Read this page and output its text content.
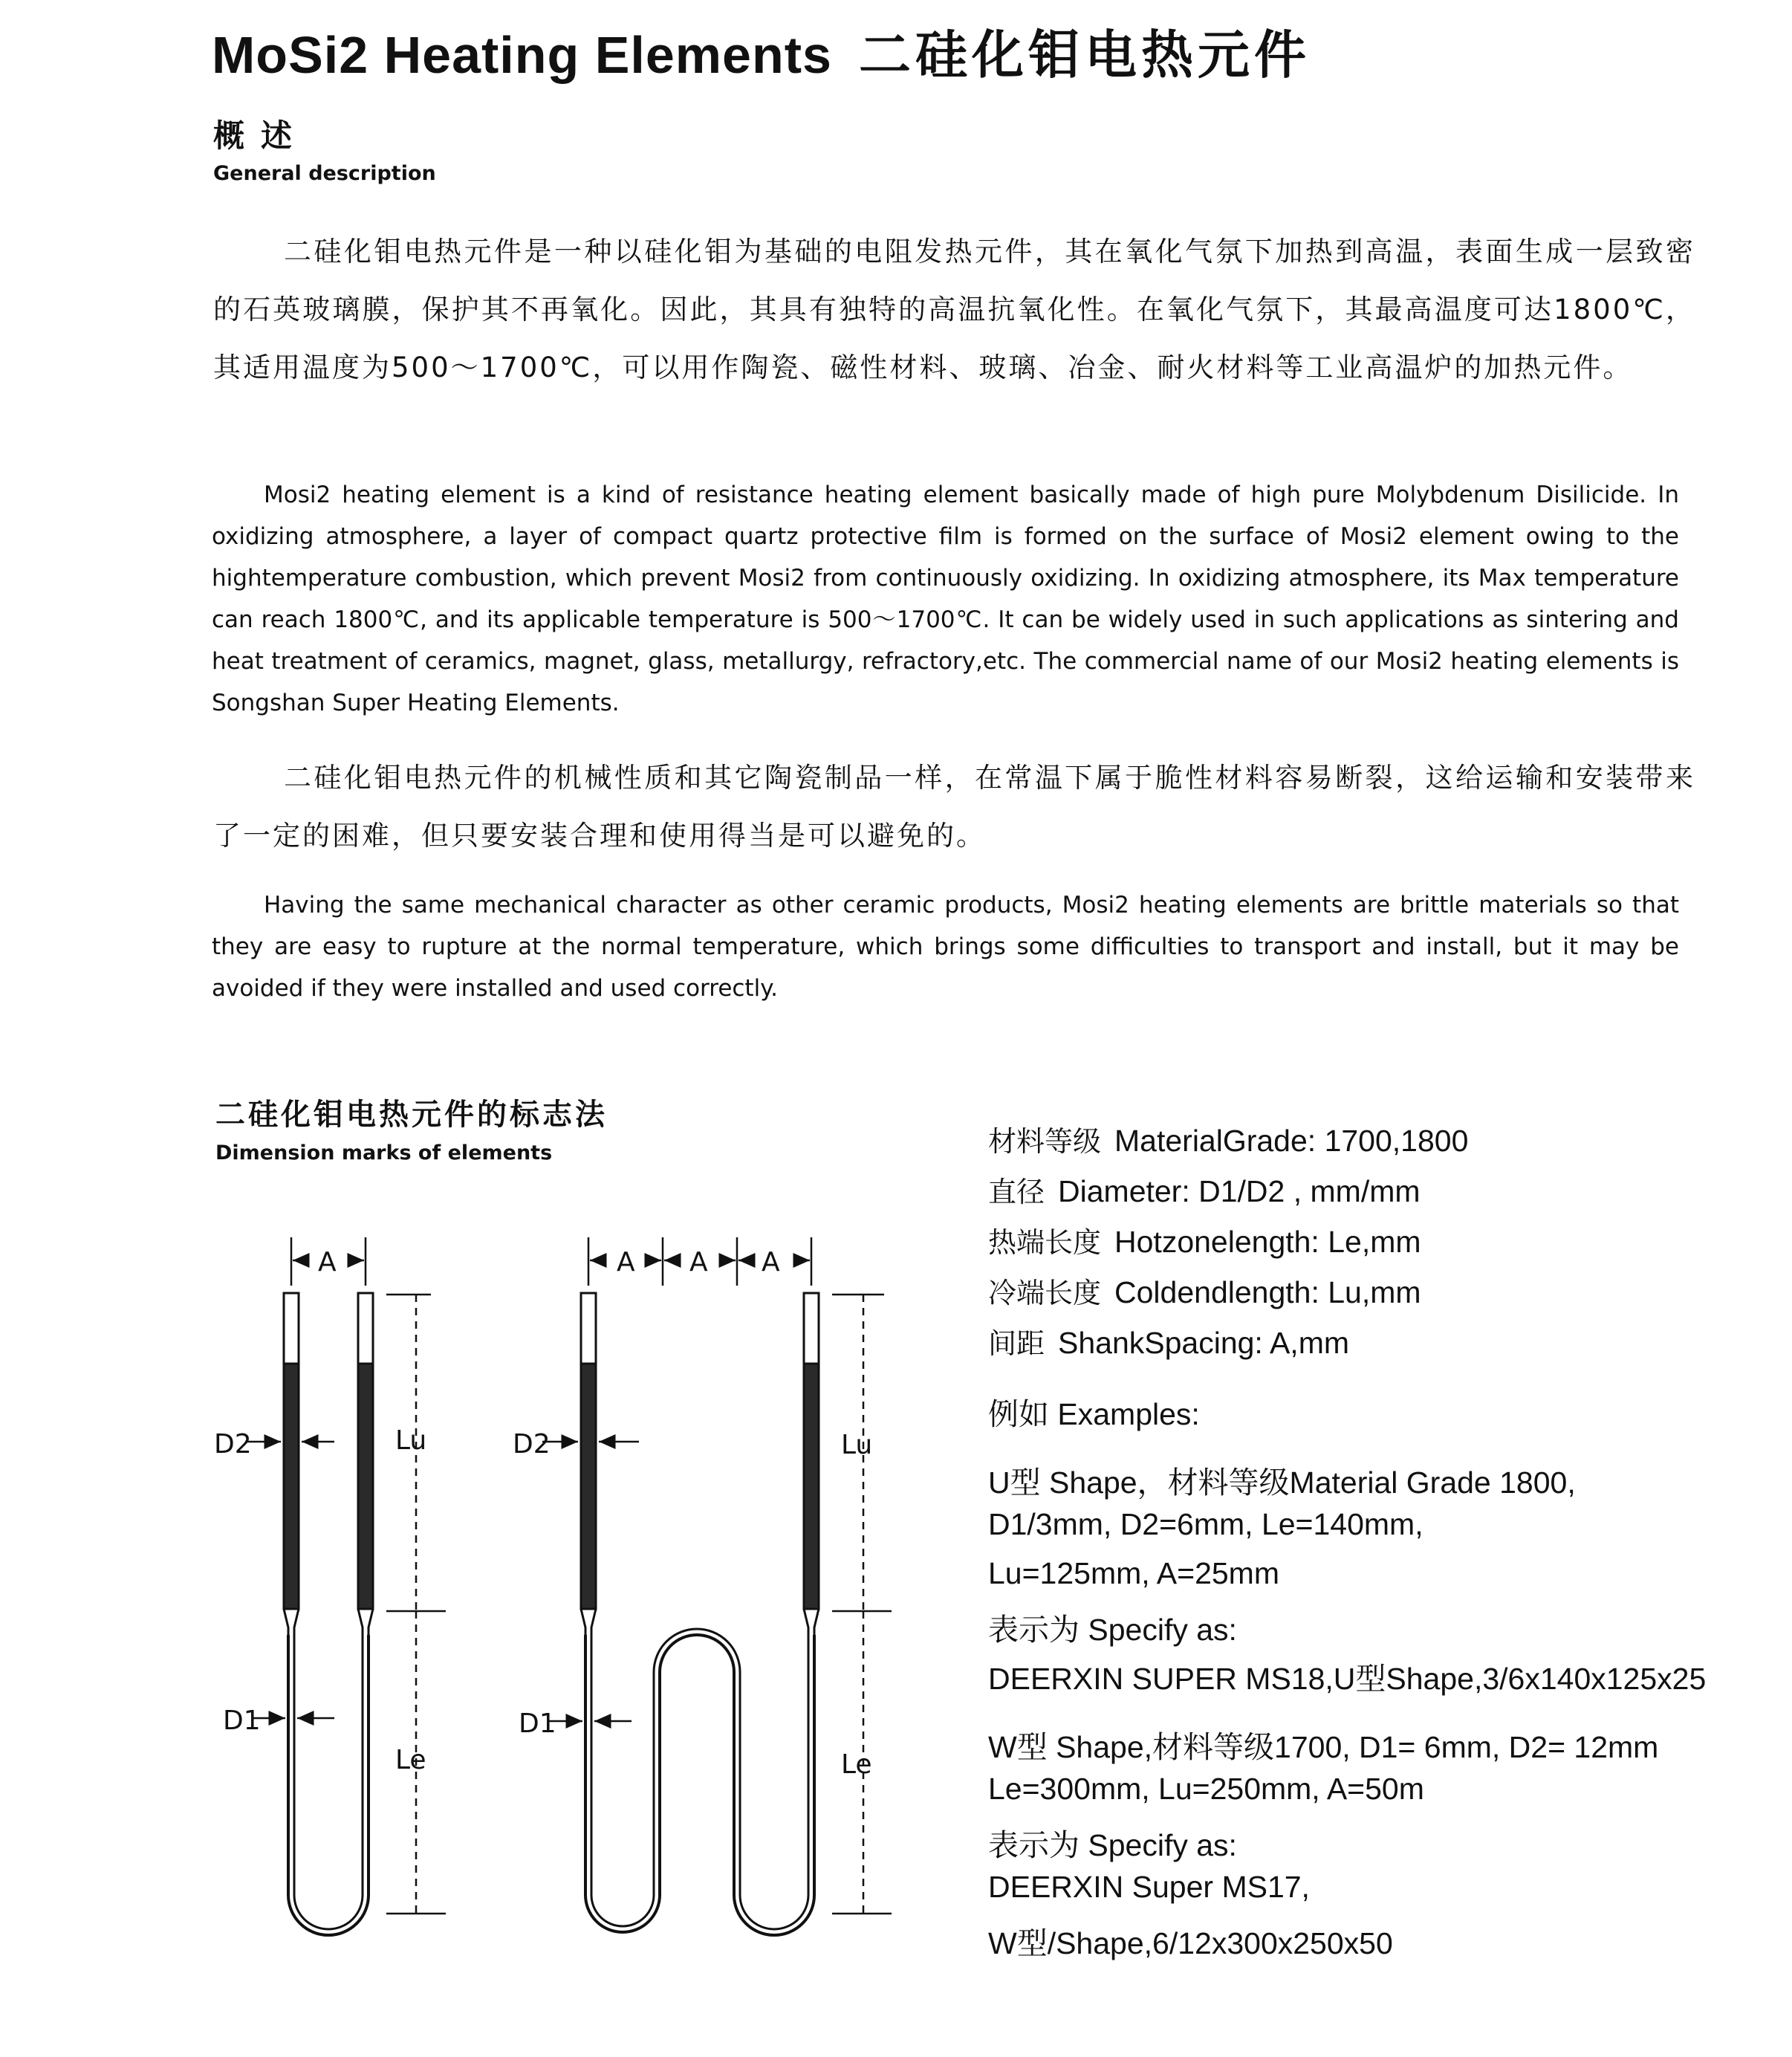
MoSi2 Heating Elements 二硅化钼电热元件
概述
General description

二硅化钼电热元件是一种以硅化钼为基础的电阻发热元件，其在氧化气氛下加热到高温，表面生成一层致密的石英玻璃膜，保护其不再氧化。因此，其具有独特的高温抗氧化性。在氧化气氛下，其最高温度可达1800℃，其适用温度为500～1700℃，可以用作陶瓷、磁性材料、玻璃、冶金、耐火材料等工业高温炉的加热元件。

Mosi2 heating element is a kind of resistance heating element basically made of high pure Molybdenum Disilicide. In oxidizing atmosphere, a layer of compact quartz protective film is formed on the surface of Mosi2 element owing to the hightemperature combustion, which prevent Mosi2 from continuously oxidizing. In oxidizing atmosphere, its Max temperature can reach 1800℃, and its applicable temperature is 500～1700℃. It can be widely used in such applications as sintering and heat treatment of ceramics, magnet, glass, metallurgy, refractory,etc. The commercial name of our Mosi2 heating elements is Songshan Super Heating Elements.

二硅化钼电热元件的机械性质和其它陶瓷制品一样，在常温下属于脆性材料容易断裂，这给运输和安装带来了一定的困难，但只要安装合理和使用得当是可以避免的。

Having the same mechanical character as other ceramic products, Mosi2 heating elements are brittle materials so that they are easy to rupture at the normal temperature, which brings some difficulties to transport and install, but it may be avoided if they were installed and used correctly.

二硅化钼电热元件的标志法
Dimension marks of elements
A	A A A
Lu	Lu
Le	Le
D2	D2
D1	D1
材料等级 MaterialGrade: 1700,1800
直径 Diameter: D1/D2 , mm/mm
热端长度 Hotzonelength: Le,mm
冷端长度 Coldendlength: Lu,mm
间距 ShankSpacing: A,mm
例如 Examples:
U型 Shape，材料等级Material Grade 1800,
D1/3mm, D2=6mm, Le=140mm,
Lu=125mm, A=25mm
表示为 Specify as:
DEERXIN SUPER MS18,U型Shape,3/6x140x125x25
W型 Shape,材料等级1700, D1= 6mm, D2= 12mm
Le=300mm, Lu=250mm, A=50m
表示为 Specify as:
DEERXIN Super MS17,
W型/Shape,6/12x300x250x50
